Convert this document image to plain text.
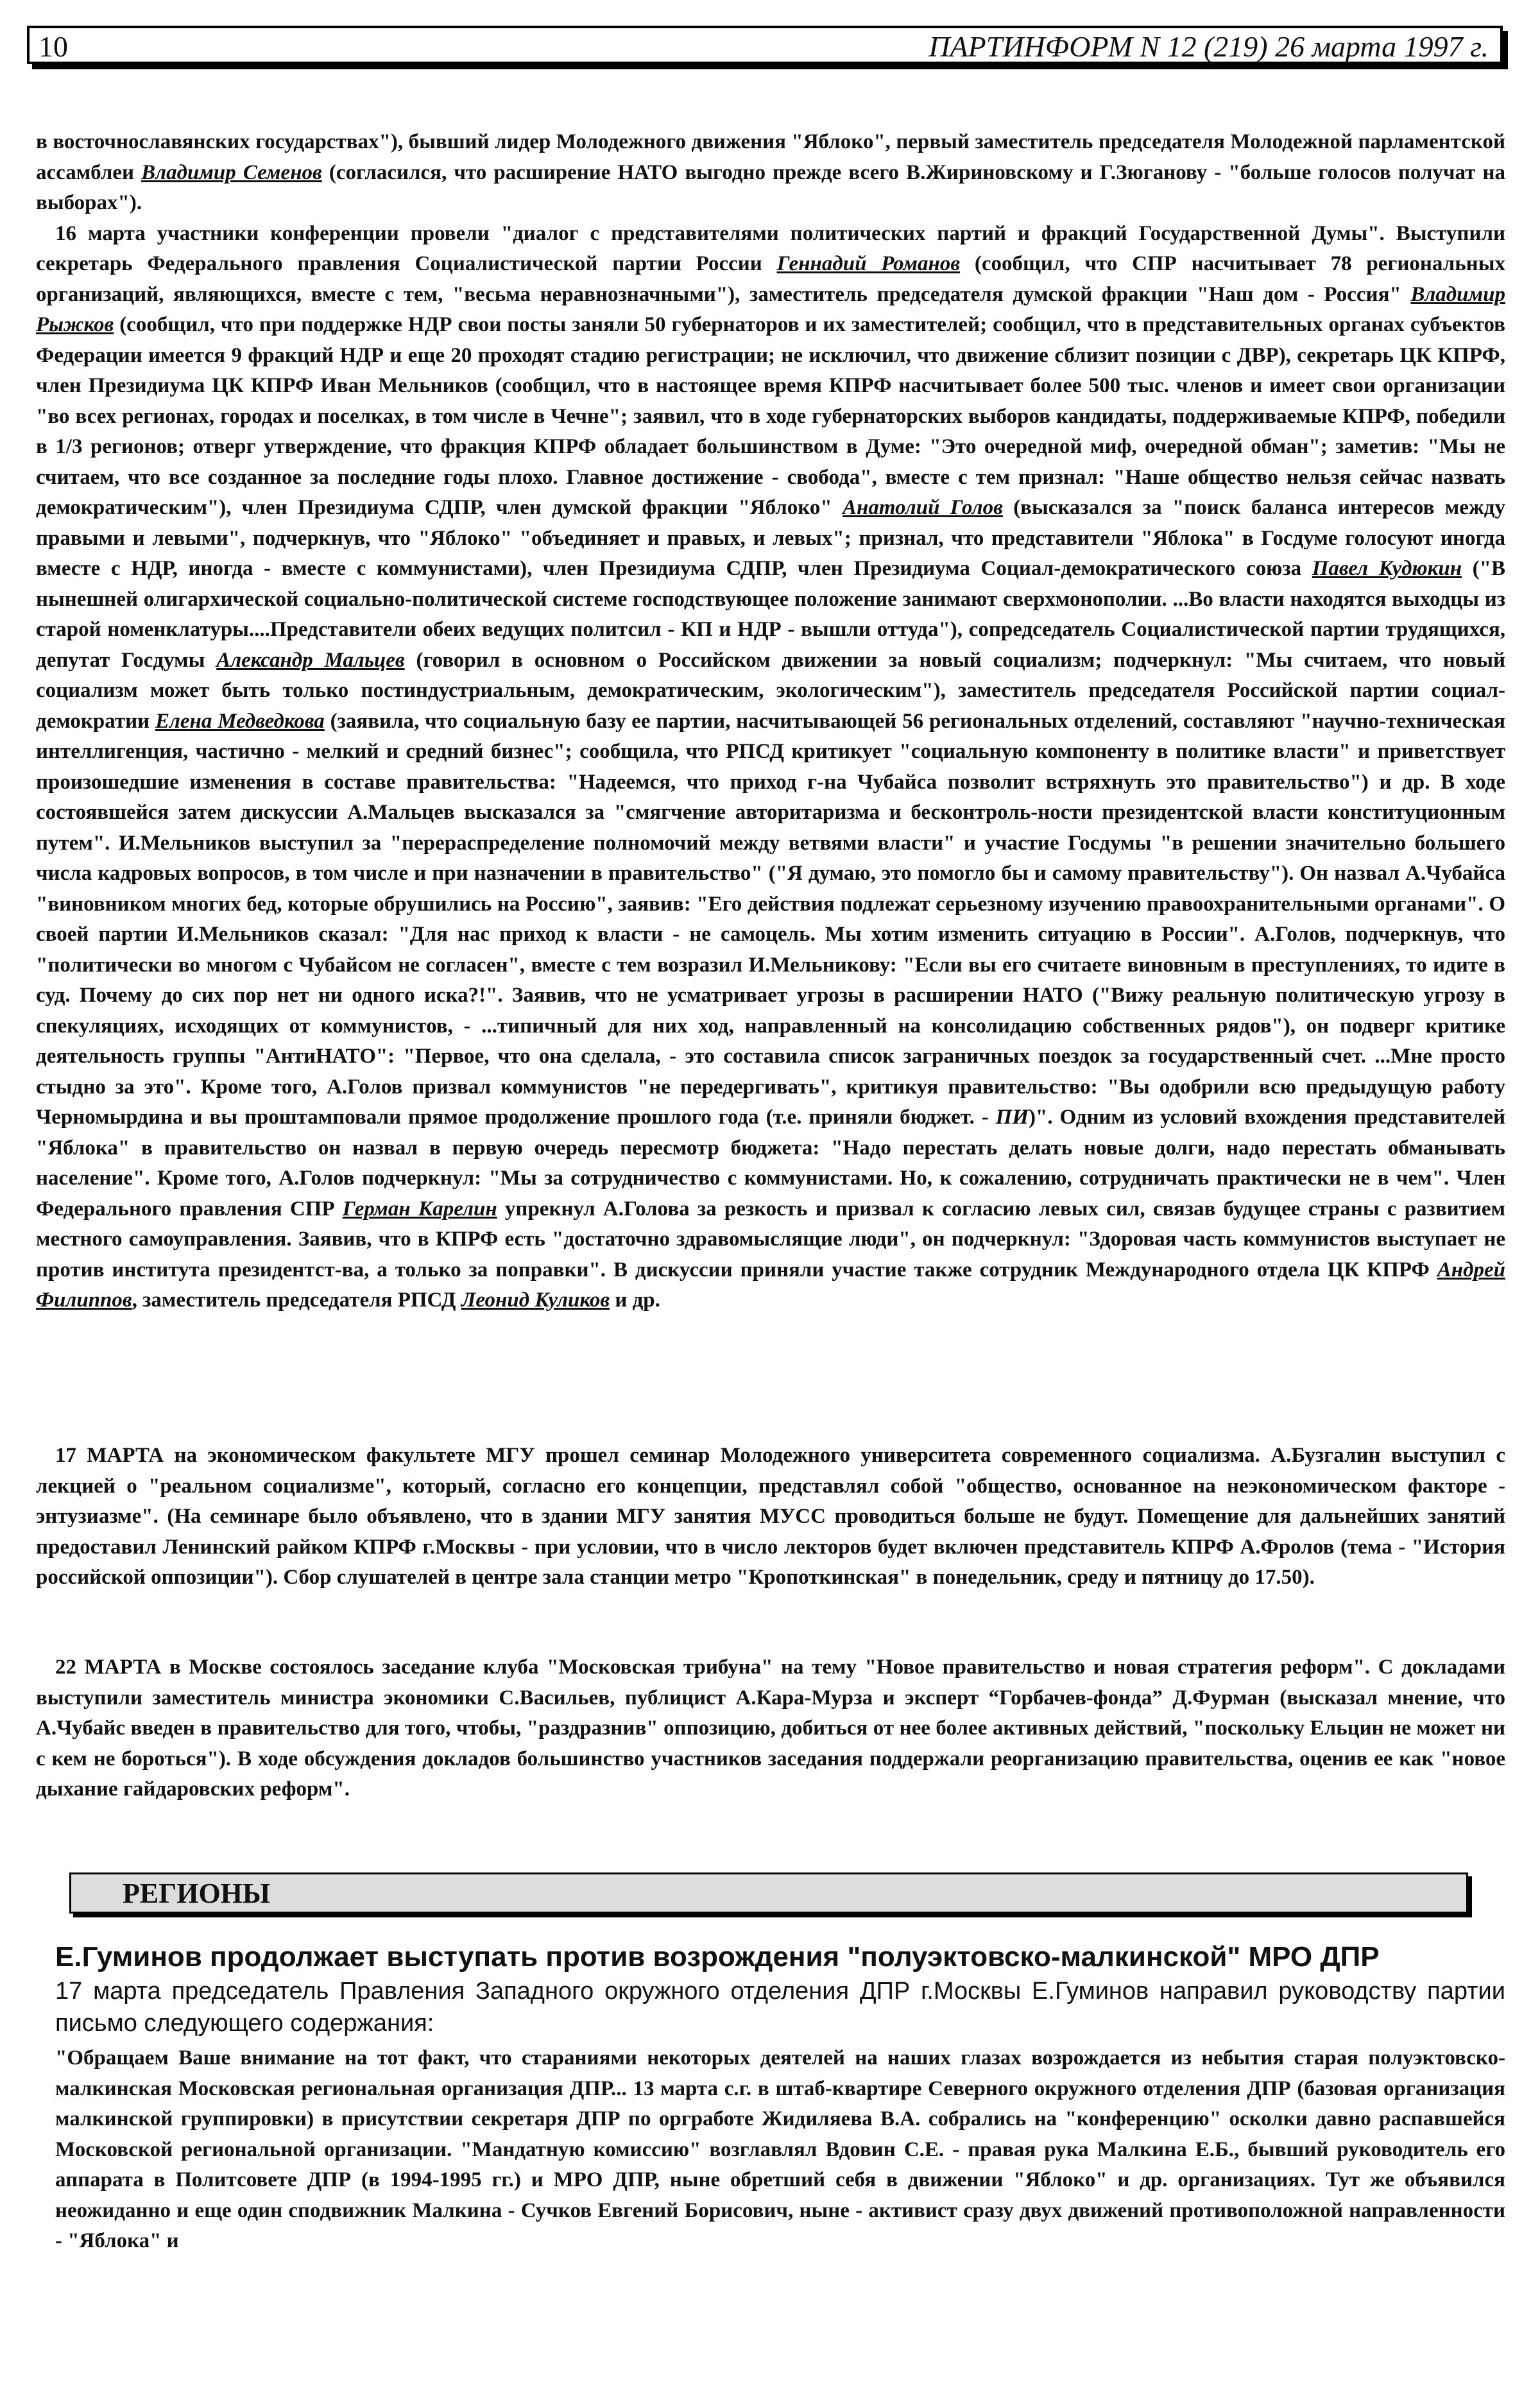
10	ПАРТИНФОРМ N 12 (219) 26 марта 1997 г.

в восточнославянских государствах"), бывший лидер Молодежного движения "Яблоко", первый заместитель председателя Молодежной парламентской ассамблеи Владимир Семенов (согласился, что расширение НАТО выгодно прежде всего В.Жириновскому и Г.Зюганову - "больше голосов получат на выборах").

16 марта участники конференции провели "диалог с представителями политических партий и фракций Государственной Думы". Выступили секретарь Федерального правления Социалистической партии России Геннадий Романов (сообщил, что СПР насчитывает 78 региональных организаций, являющихся, вместе с тем, "весьма неравнозначными"), заместитель председателя думской фракции "Наш дом - Россия" Владимир Рыжков (сообщил, что при поддержке НДР свои посты заняли 50 губернаторов и их заместителей; сообщил, что в представительных органах субъектов Федерации имеется 9 фракций НДР и еще 20 проходят стадию регистрации; не исключил, что движение сблизит позиции с ДВР), секретарь ЦК КПРФ, член Президиума ЦК КПРФ Иван Мельников (сообщил, что в настоящее время КПРФ насчитывает более 500 тыс. членов и имеет свои организации "во всех регионах, городах и поселках, в том числе в Чечне"; заявил, что в ходе губернаторских выборов кандидаты, поддерживаемые КПРФ, победили в 1/3 регионов; отверг утверждение, что фракция КПРФ обладает большинством в Думе: "Это очередной миф, очередной обман"; заметив: "Мы не считаем, что все созданное за последние годы плохо. Главное достижение - свобода", вместе с тем признал: "Наше общество нельзя сейчас назвать демократическим"), член Президиума СДПР, член думской фракции "Яблоко" Анатолий Голов (высказался за "поиск баланса интересов между правыми и левыми", подчеркнув, что "Яблоко" "объединяет и правых, и левых"; признал, что представители "Яблока" в Госдуме голосуют иногда вместе с НДР, иногда - вместе с коммунистами), член Президиума СДПР, член Президиума Социал-демократического союза Павел Кудюкин ("В нынешней олигархической социально-политической системе господствующее положение занимают сверхмонополии. ...Во власти находятся выходцы из старой номенклатуры....Представители обеих ведущих политсил - КП и НДР - вышли оттуда"), сопредседатель Социалистической партии трудящихся, депутат Госдумы Александр Мальцев (говорил в основном о Российском движении за новый социализм; подчеркнул: "Мы считаем, что новый социализм может быть только постиндустриальным, демократическим, экологическим"), заместитель председателя Российской партии социал-демократии Елена Медведкова (заявила, что социальную базу ее партии, насчитывающей 56 региональных отделений, составляют "научно-техническая интеллигенция, частично - мелкий и средний бизнес"; сообщила, что РПСД критикует "социальную компоненту в политике власти" и приветствует произошедшие изменения в составе правительства: "Надеемся, что приход г-на Чубайса позволит встряхнуть это правительство") и др. В ходе состоявшейся затем дискуссии А.Мальцев высказался за "смягчение авторитаризма и бесконтроль-ности президентской власти конституционным путем". И.Мельников выступил за "перераспределение полномочий между ветвями власти" и участие Госдумы "в решении значительно большего числа кадровых вопросов, в том числе и при назначении в правительство" ("Я думаю, это помогло бы и самому правительству"). Он назвал А.Чубайса "виновником многих бед, которые обрушились на Россию", заявив: "Его действия подлежат серьезному изучению правоохранительными органами". О своей партии И.Мельников сказал: "Для нас приход к власти - не самоцель. Мы хотим изменить ситуацию в России". А.Голов, подчеркнув, что "политически во многом с Чубайсом не согласен", вместе с тем возразил И.Мельникову: "Если вы его считаете виновным в преступлениях, то идите в суд. Почему до сих пор нет ни одного иска?!". Заявив, что не усматривает угрозы в расширении НАТО ("Вижу реальную политическую угрозу в спекуляциях, исходящих от коммунистов, - ...типичный для них ход, направленный на консолидацию собственных рядов"), он подверг критике деятельность группы "АнтиНАТО": "Первое, что она сделала, - это составила список заграничных поездок за государственный счет. ...Мне просто стыдно за это". Кроме того, А.Голов призвал коммунистов "не передергивать", критикуя правительство: "Вы одобрили всю предыдущую работу Черномырдина и вы проштамповали прямое продолжение прошлого года (т.е. приняли бюджет. - ПИ)". Одним из условий вхождения представителей "Яблока" в правительство он назвал в первую очередь пересмотр бюджета: "Надо перестать делать новые долги, надо перестать обманывать население". Кроме того, А.Голов подчеркнул: "Мы за сотрудничество с коммунистами. Но, к сожалению, сотрудничать практически не в чем". Член Федерального правления СПР Герман Карелин упрекнул А.Голова за резкость и призвал к согласию левых сил, связав будущее страны с развитием местного самоуправления. Заявив, что в КПРФ есть "достаточно здравомыслящие люди", он подчеркнул: "Здоровая часть коммунистов выступает не против института президентст-ва, а только за поправки". В дискуссии приняли участие также сотрудник Международного отдела ЦК КПРФ Андрей Филиппов, заместитель председателя РПСД Леонид Куликов и др.

17 МАРТА на экономическом факультете МГУ прошел семинар Молодежного университета современного социализма. А.Бузгалин выступил с лекцией о "реальном социализме", который, согласно его концепции, представлял собой "общество, основанное на неэкономическом факторе - энтузиазме". (На семинаре было объявлено, что в здании МГУ занятия МУСС проводиться больше не будут. Помещение для дальнейших занятий предоставил Ленинский райком КПРФ г.Москвы - при условии, что в число лекторов будет включен представитель КПРФ А.Фролов (тема - "История российской оппозиции"). Сбор слушателей в центре зала станции метро "Кропоткинская" в понедельник, среду и пятницу до 17.50).
22 МАРТА в Москве состоялось заседание клуба "Московская трибуна" на тему "Новое правительство и новая стратегия реформ". С докладами выступили заместитель министра экономики С.Васильев, публицист А.Кара-Мурза и эксперт “Горбачев-фонда” Д.Фурман (высказал мнение, что А.Чубайс введен в правительство для того, чтобы, "раздразнив" оппозицию, добиться от нее более активных действий, "поскольку Ельцин не может ни с кем не бороться"). В ходе обсуждения докладов большинство участников заседания поддержали реорганизацию правительства, оценив ее как "новое дыхание гайдаровских реформ".
РЕГИОНЫ
Е.Гуминов продолжает выступать против возрождения "полуэктовско-малкинской" МРО ДПР
17 марта председатель Правления Западного окружного отделения ДПР г.Москвы Е.Гуминов направил руководству партии письмо следующего содержания:
"Обращаем Ваше внимание на тот факт, что стараниями некоторых деятелей на наших глазах возрождается из небытия старая полуэктовско-малкинская Московская региональная организация ДПР... 13 марта с.г. в штаб-квартире Северного окружного отделения ДПР (базовая организация малкинской группировки) в присутствии секретаря ДПР по оргработе Жидиляева В.А. собрались на "конференцию" осколки давно распавшейся Московской региональной организации. "Мандатную комиссию" возглавлял Вдовин С.Е. - правая рука Малкина Е.Б., бывший руководитель его аппарата в Политсовете ДПР (в 1994-1995 гг.) и МРО ДПР, ныне обретший себя в движении "Яблоко" и др. организациях. Тут же объявился неожиданно и еще один сподвижник Малкина - Сучков Евгений Борисович, ныне - активист сразу двух движений противоположной направленности - "Яблока" и
